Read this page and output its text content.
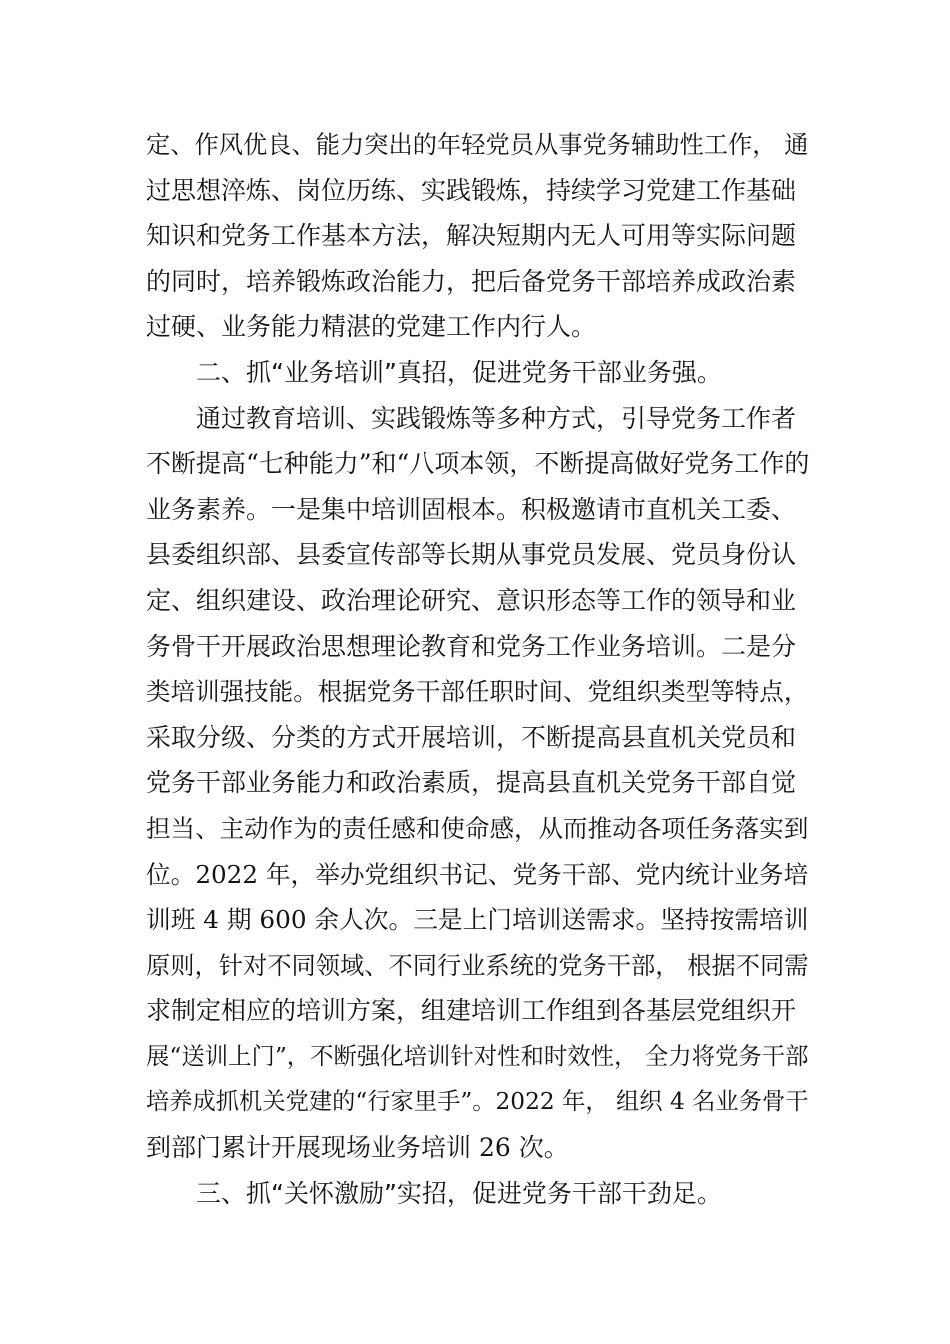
定、作风优良、能力突出的年轻党员从事党务辅助性工作， 通
过思想淬炼、岗位历练、实践锻炼，持续学习党建工作基础
知识和党务工作基本方法，解决短期内无人可用等实际问题
的同时，培养锻炼政治能力，把后备党务干部培养成政治素
过硬、业务能力精湛的党建工作内行人。
二、抓“业务培训”真招，促进党务干部业务强。
通过教育培训、实践锻炼等多种方式，引导党务工作者
不断提高“七种能力”和“八项本领，不断提高做好党务工作的
业务素养。一是集中培训固根本。积极邀请市直机关工委、
县委组织部、县委宣传部等长期从事党员发展、党员身份认
定、组织建设、政治理论研究、意识形态等工作的领导和业
务骨干开展政治思想理论教育和党务工作业务培训。二是分
类培训强技能。根据党务干部任职时间、党组织类型等特点，
采取分级、分类的方式开展培训，不断提高县直机关党员和
党务干部业务能力和政治素质，提高县直机关党务干部自觉
担当、主动作为的责任感和使命感，从而推动各项任务落实到
位。2022 年，举办党组织书记、党务干部、党内统计业务培
训班 4 期 600 余人次。三是上门培训送需求。坚持按需培训
原则，针对不同领域、不同行业系统的党务干部， 根据不同需
求制定相应的培训方案，组建培训工作组到各基层党组织开
展“送训上门”，不断强化培训针对性和时效性， 全力将党务干部
培养成抓机关党建的“行家里手”。2022 年， 组织 4 名业务骨干
到部门累计开展现场业务培训 26 次。
三、抓“关怀激励”实招，促进党务干部干劲足。
